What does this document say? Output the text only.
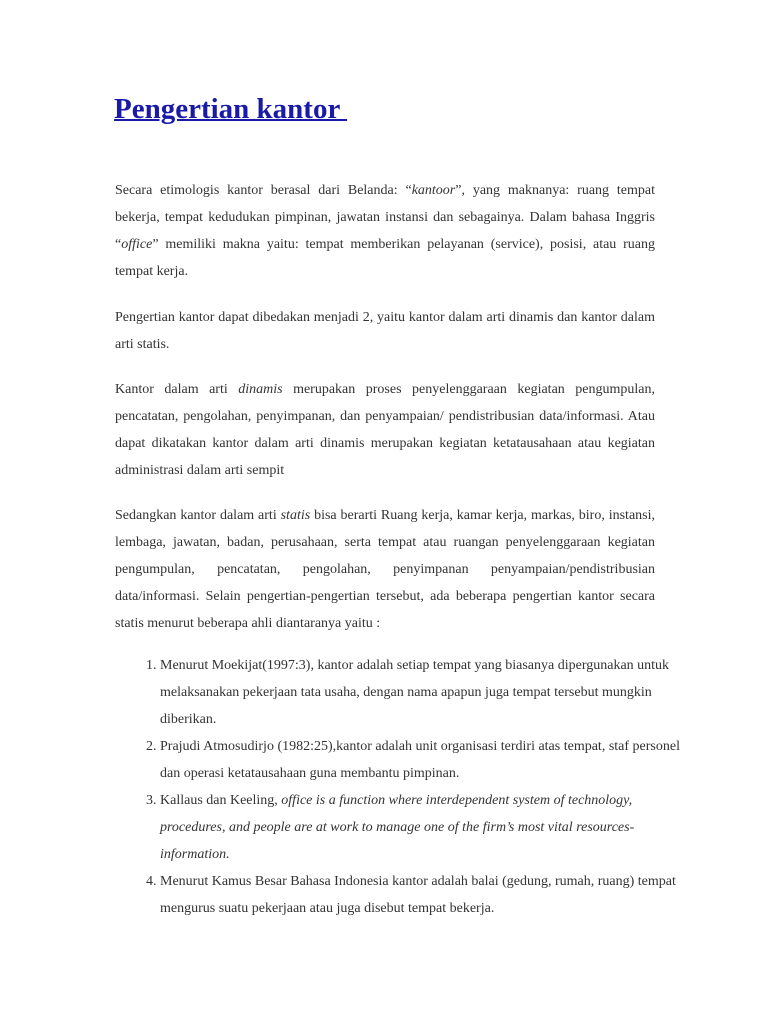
Pengertian kantor
Secara etimologis kantor berasal dari Belanda: “kantoor”, yang maknanya: ruang tempat bekerja, tempat kedudukan pimpinan, jawatan instansi dan sebagainya. Dalam bahasa Inggris “office” memiliki makna yaitu: tempat memberikan pelayanan (service), posisi, atau ruang tempat kerja.
Pengertian kantor dapat dibedakan menjadi 2, yaitu kantor dalam arti dinamis dan kantor dalam arti statis.
Kantor dalam arti dinamis merupakan proses penyelenggaraan kegiatan pengumpulan, pencatatan, pengolahan, penyimpanan, dan penyampaian/ pendistribusian data/informasi. Atau dapat dikatakan kantor dalam arti dinamis merupakan kegiatan ketatausahaan atau kegiatan administrasi dalam arti sempit
Sedangkan kantor dalam arti statis bisa berarti Ruang kerja, kamar kerja, markas, biro, instansi, lembaga, jawatan, badan, perusahaan, serta tempat atau ruangan penyelenggaraan kegiatan pengumpulan, pencatatan, pengolahan, penyimpanan penyampaian/pendistribusian data/informasi. Selain pengertian-pengertian tersebut, ada beberapa pengertian kantor secara statis menurut beberapa ahli diantaranya yaitu :
1. Menurut Moekijat(1997:3), kantor adalah setiap tempat yang biasanya dipergunakan untuk melaksanakan pekerjaan tata usaha, dengan nama apapun juga tempat tersebut mungkin diberikan.
2. Prajudi Atmosudirjo (1982:25),kantor adalah unit organisasi terdiri atas tempat, staf personel dan operasi ketatausahaan guna membantu pimpinan.
3. Kallaus dan Keeling, office is a function where interdependent system of technology, procedures, and people are at work to manage one of the firm’s most vital resources-information.
4. Menurut Kamus Besar Bahasa Indonesia kantor adalah balai (gedung, rumah, ruang) tempat mengurus suatu pekerjaan atau juga disebut tempat bekerja.
